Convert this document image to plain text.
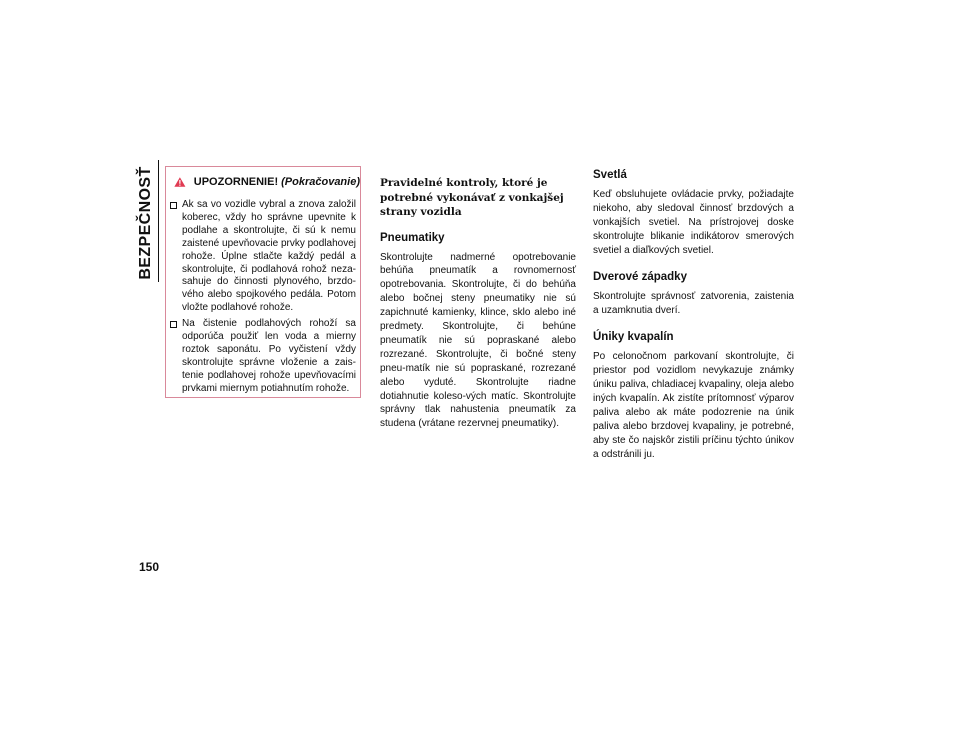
BEZPEČNOSŤ	UPOZORNENIE! (Pokračovanie)
Ak sa vo vozidle vybral a znova založil koberec, vždy ho správne upevnite k podlahe a skontrolujte, či sú k nemu zaistené upevňovacie prvky podlahovej rohože. Úplne stlačte každý pedál a skontrolujte, či podlahová rohož neza-sahuje do činnosti plynového, brzdo-vého alebo spojkového pedála. Potom vložte podlahové rohože.
Na čistenie podlahových rohoží sa odporúča použiť len voda a mierny roztok saponátu. Po vyčistení vždy skontrolujte správne vloženie a zais-tenie podlahovej rohože upevňovacími prvkami miernym potiahnutím rohože.
Pravidelné kontroly, ktoré je potrebné vykonávať z vonkajšej strany vozidla
Pneumatiky

Skontrolujte nadmerné opotrebovanie behúňa pneumatík a rovnomernosť opotrebovania. Skontrolujte, či do behúňa alebo bočnej steny pneumatiky nie sú zapichnuté kamienky, klince, sklo alebo iné predmety. Skontrolujte, či behúne pneumatík nie sú popraskané alebo rozrezané. Skontrolujte, či bočné steny pneu-matík nie sú popraskané, rozrezané alebo vyduté. Skontrolujte riadne dotiahnutie koleso-vých matíc. Skontrolujte správny tlak nahustenia pneumatík za studena (vrátane rezervnej pneumatiky).

Svetlá

Keď obsluhujete ovládacie prvky, požiadajte niekoho, aby sledoval činnosť brzdových a vonkajších svetiel. Na prístrojovej doske skontrolujte blikanie indikátorov smerových svetiel a diaľkových svetiel.

Dverové západky

Skontrolujte správnosť zatvorenia, zaistenia a uzamknutia dverí.

Úniky kvapalín

Po celonočnom parkovaní skontrolujte, či priestor pod vozidlom nevykazuje známky úniku paliva, chladiacej kvapaliny, oleja alebo iných kvapalín. Ak zistíte prítomnosť výparov paliva alebo ak máte podozrenie na únik paliva alebo brzdovej kvapaliny, je potrebné, aby ste čo najskôr zistili príčinu týchto únikov a odstránili ju.

150
